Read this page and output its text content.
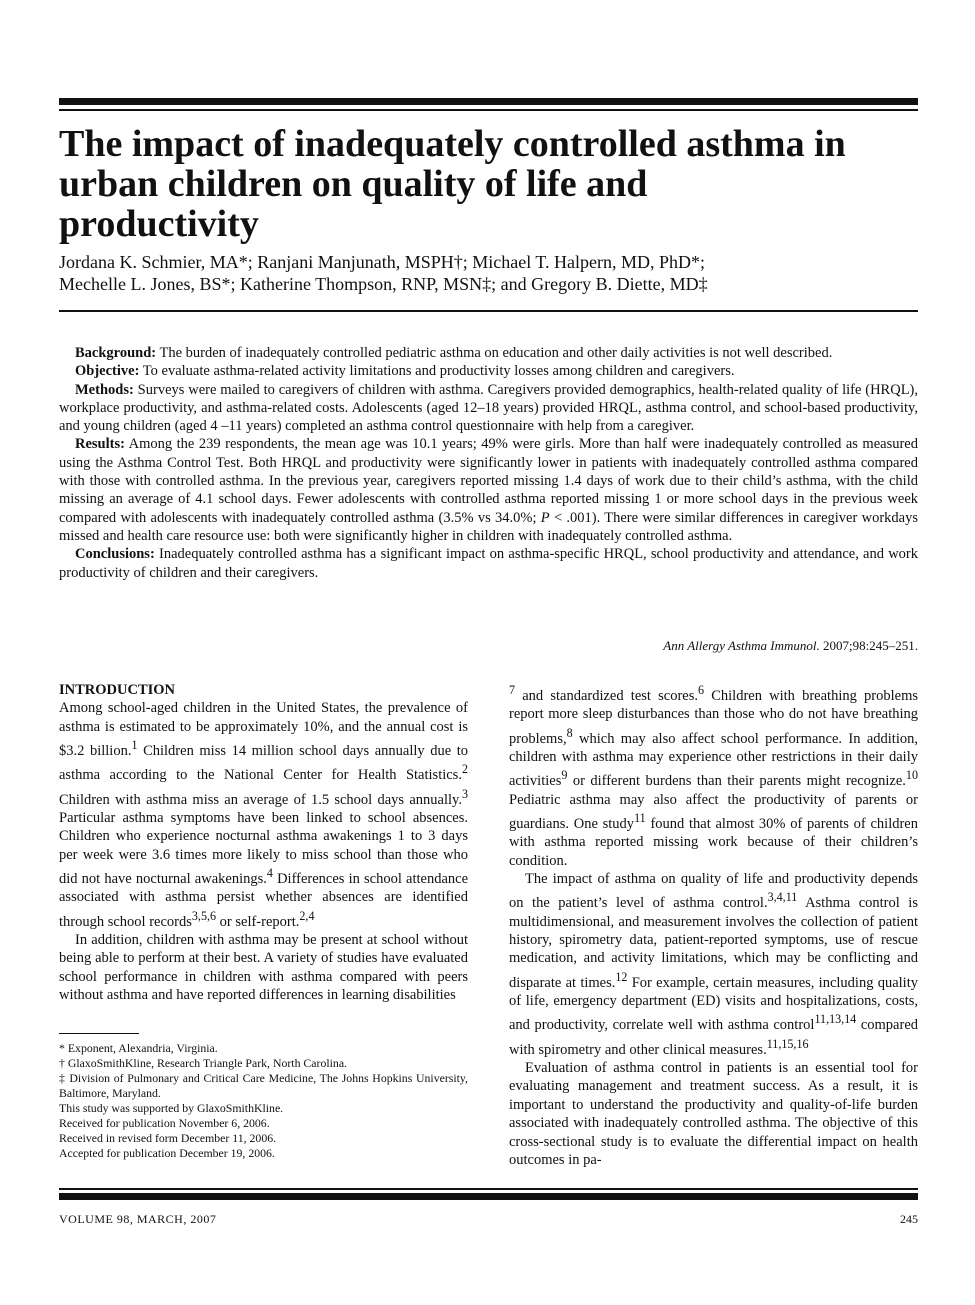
The impact of inadequately controlled asthma in
urban children on quality of life and
productivity
Jordana K. Schmier, MA*; Ranjani Manjunath, MSPH†; Michael T. Halpern, MD, PhD*;
Mechelle L. Jones, BS*; Katherine Thompson, RNP, MSN‡; and Gregory B. Diette, MD‡

Background: The burden of inadequately controlled pediatric asthma on education and other daily activities is not well described.

Objective: To evaluate asthma-related activity limitations and productivity losses among children and caregivers.

Methods: Surveys were mailed to caregivers of children with asthma. Caregivers provided demographics, health-related quality of life (HRQL), workplace productivity, and asthma-related costs. Adolescents (aged 12–18 years) provided HRQL, asthma control, and school-based productivity, and young children (aged 4 –11 years) completed an asthma control questionnaire with help from a caregiver.

Results: Among the 239 respondents, the mean age was 10.1 years; 49% were girls. More than half were inadequately controlled as measured using the Asthma Control Test. Both HRQL and productivity were significantly lower in patients with inadequately controlled asthma compared with those with controlled asthma. In the previous year, caregivers reported missing 1.4 days of work due to their child’s asthma, with the child missing an average of 4.1 school days. Fewer adolescents with controlled asthma reported missing 1 or more school days in the previous week compared with adolescents with inadequately controlled asthma (3.5% vs 34.0%; P < .001). There were similar differences in caregiver workdays missed and health care resource use: both were significantly higher in children with inadequately controlled asthma.

Conclusions: Inadequately controlled asthma has a significant impact on asthma-specific HRQL, school productivity and attendance, and work productivity of children and their caregivers.

Ann Allergy Asthma Immunol. 2007;98:245–251.
INTRODUCTION

Among school-aged children in the United States, the prevalence of asthma is estimated to be approximately 10%, and the annual cost is $3.2 billion.$^1$ Children miss 14 million school days annually due to asthma according to the National Center for Health Statistics.$^2$ Children with asthma miss an average of 1.5 school days annually.$^3$ Particular asthma symptoms have been linked to school absences. Children who experience nocturnal asthma awakenings 1 to 3 days per week were 3.6 times more likely to miss school than those who did not have nocturnal awakenings.$^4$ Differences in school attendance associated with asthma persist whether absences are identified through school records$^{3,5,6}$ or self-report.$^{2,4}$

In addition, children with asthma may be present at school without being able to perform at their best. A variety of studies have evaluated school performance in children with asthma compared with peers without asthma and have reported differences in learning disabilities

* Exponent, Alexandria, Virginia.
† GlaxoSmithKline, Research Triangle Park, North Carolina.
‡ Division of Pulmonary and Critical Care Medicine, The Johns Hopkins University, Baltimore, Maryland.
This study was supported by GlaxoSmithKline.
Received for publication November 6, 2006.
Received in revised form December 11, 2006.
Accepted for publication December 19, 2006.

$^7$ and standardized test scores.$^6$ Children with breathing problems report more sleep disturbances than those who do not have breathing problems,$^8$ which may also affect school performance. In addition, children with asthma may experience other restrictions in their daily activities$^9$ or different burdens than their parents might recognize.$^{10}$ Pediatric asthma may also affect the productivity of parents or guardians. One study$^{11}$ found that almost 30% of parents of children with asthma reported missing work because of their children’s condition.

The impact of asthma on quality of life and productivity depends on the patient’s level of asthma control.$^{3,4,11}$ Asthma control is multidimensional, and measurement involves the collection of patient history, spirometry data, patient-reported symptoms, use of rescue medication, and activity limitations, which may be conflicting and disparate at times.$^{12}$ For example, certain measures, including quality of life, emergency department (ED) visits and hospitalizations, costs, and productivity, correlate well with asthma control$^{11,13,14}$ compared with spirometry and other clinical measures.$^{11,15,16}$

Evaluation of asthma control in patients is an essential tool for evaluating management and treatment success. As a result, it is important to understand the productivity and quality-of-life burden associated with inadequately controlled asthma. The objective of this cross-sectional study is to evaluate the differential impact on health outcomes in pa-

VOLUME 98, MARCH, 2007	245
